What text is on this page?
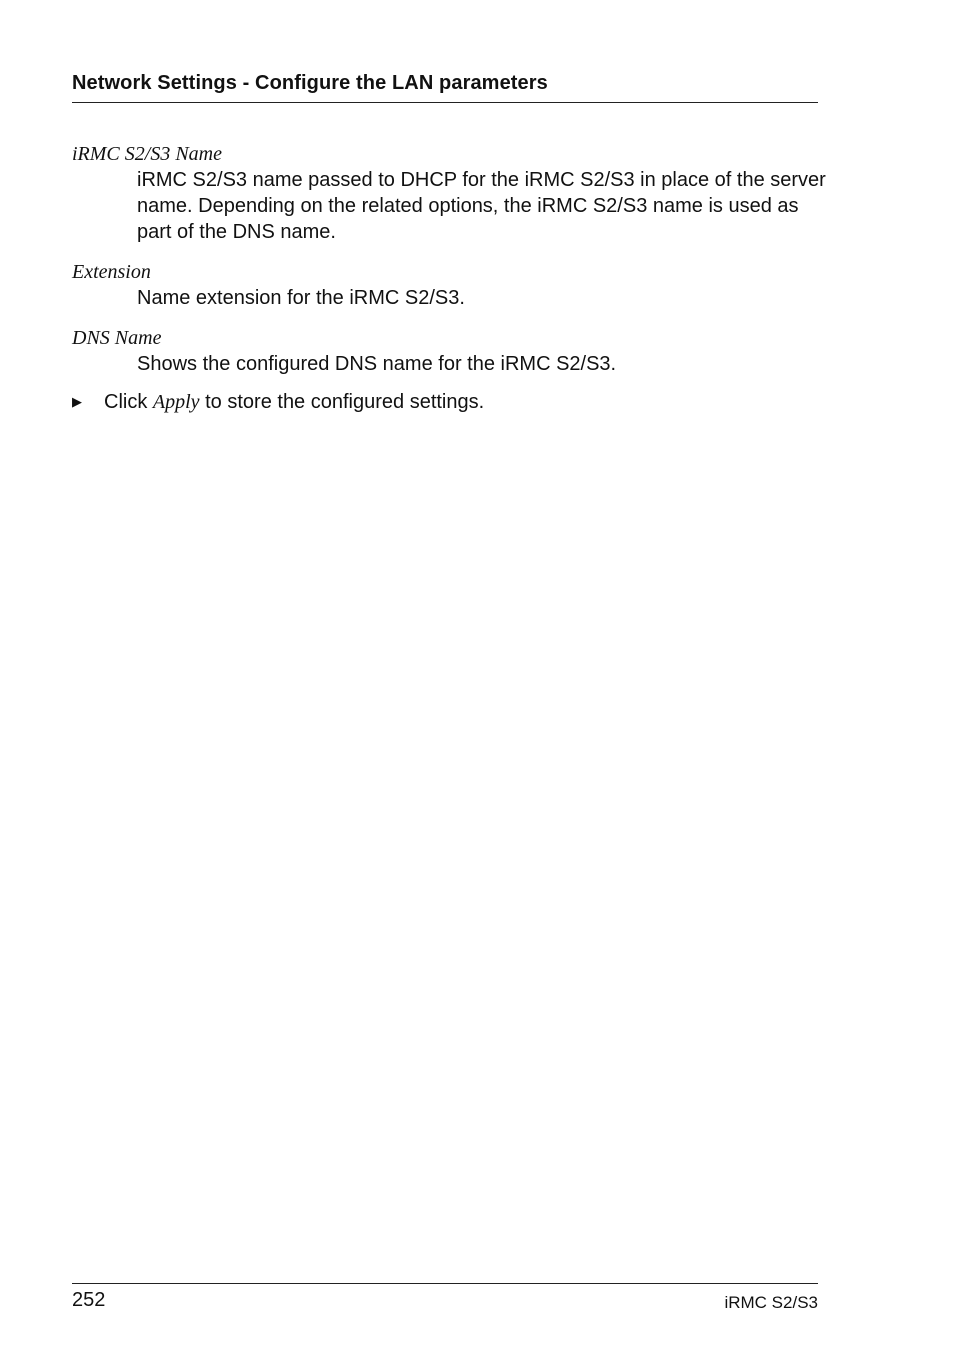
Network Settings - Configure the LAN parameters
iRMC S2/S3 Name
iRMC S2/S3 name passed to DHCP for the iRMC S2/S3 in place of the server name. Depending on the related options, the iRMC S2/S3 name is used as part of the DNS name.
Extension
Name extension for the iRMC S2/S3.
DNS Name
Shows the configured DNS name for the iRMC S2/S3.
▶ Click Apply to store the configured settings.
252	iRMC S2/S3
